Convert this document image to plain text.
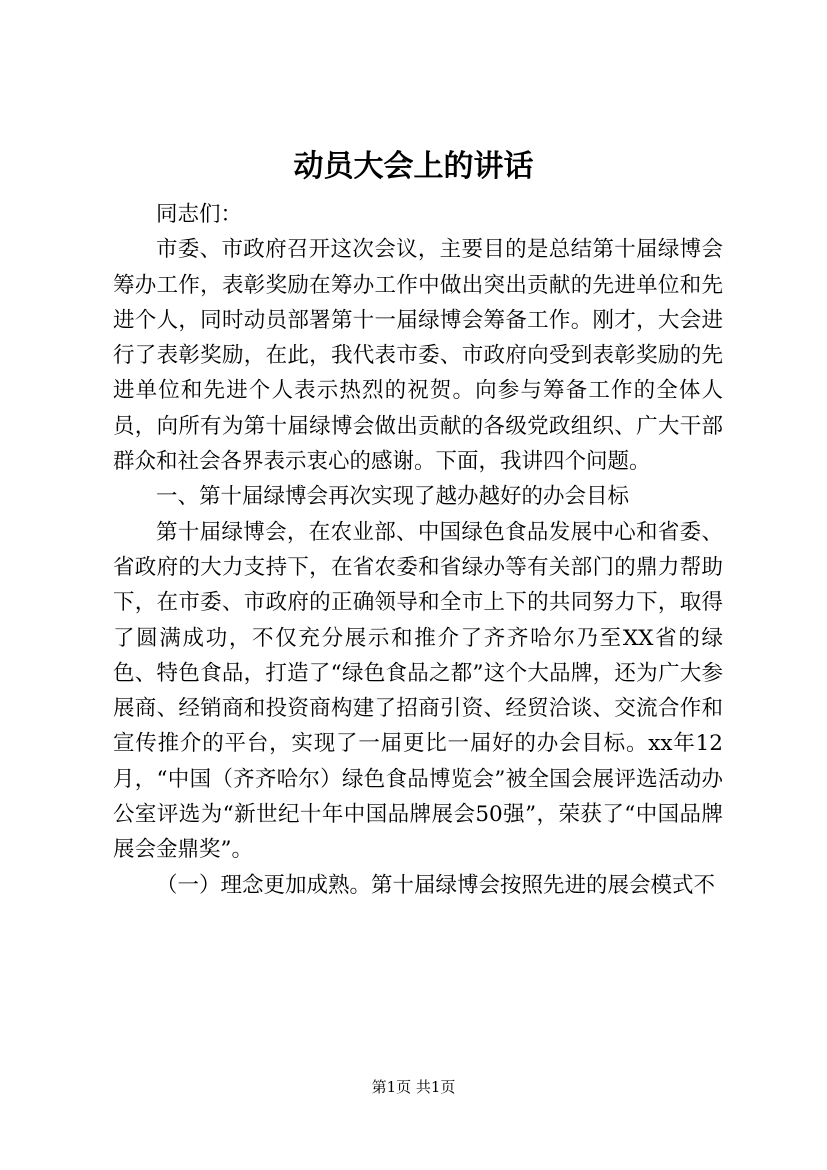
动员大会上的讲话

同志们：

市委、市政府召开这次会议，主要目的是总结第十届绿博会筹办工作，表彰奖励在筹办工作中做出突出贡献的先进单位和先进个人，同时动员部署第十一届绿博会筹备工作。刚才，大会进行了表彰奖励，在此，我代表市委、市政府向受到表彰奖励的先进单位和先进个人表示热烈的祝贺。向参与筹备工作的全体人员，向所有为第十届绿博会做出贡献的各级党政组织、广大干部群众和社会各界表示衷心的感谢。下面，我讲四个问题。

一、第十届绿博会再次实现了越办越好的办会目标

第十届绿博会，在农业部、中国绿色食品发展中心和省委、省政府的大力支持下，在省农委和省绿办等有关部门的鼎力帮助下，在市委、市政府的正确领导和全市上下的共同努力下，取得了圆满成功，不仅充分展示和推介了齐齐哈尔乃至XX省的绿色、特色食品，打造了“绿色食品之都”这个大品牌，还为广大参展商、经销商和投资商构建了招商引资、经贸洽谈、交流合作和宣传推介的平台，实现了一届更比一届好的办会目标。xx年12月，“中国（齐齐哈尔）绿色食品博览会”被全国会展评选活动办公室评选为“新世纪十年中国品牌展会50强”，荣获了“中国品牌展会金鼎奖”。

（一）理念更加成熟。第十届绿博会按照先进的展会模式不

第1页 共1页
